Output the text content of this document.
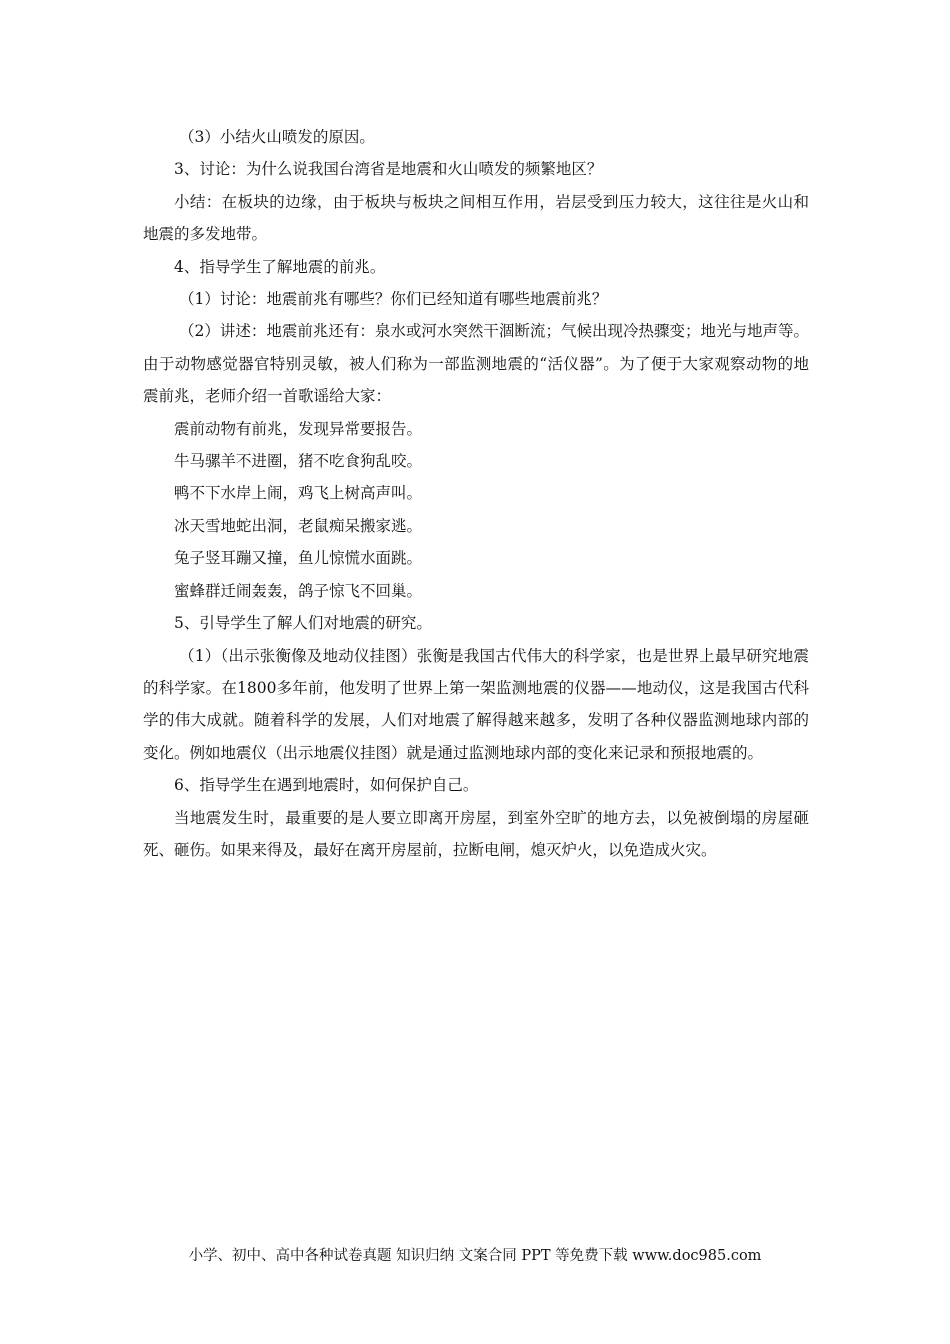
（3）小结火山喷发的原因。

3、讨论：为什么说我国台湾省是地震和火山喷发的频繁地区？

小结：在板块的边缘，由于板块与板块之间相互作用，岩层受到压力较大，这往往是火山和地震的多发地带。

4、指导学生了解地震的前兆。

（1）讨论：地震前兆有哪些？你们已经知道有哪些地震前兆？

（2）讲述：地震前兆还有：泉水或河水突然干涸断流；气候出现冷热骤变；地光与地声等。由于动物感觉器官特别灵敏，被人们称为一部监测地震的“活仪器”。为了便于大家观察动物的地震前兆，老师介绍一首歌谣给大家：

震前动物有前兆，发现异常要报告。

牛马骡羊不进圈，猪不吃食狗乱咬。

鸭不下水岸上闹，鸡飞上树高声叫。

冰天雪地蛇出洞，老鼠痴呆搬家逃。

兔子竖耳蹦又撞，鱼儿惊慌水面跳。

蜜蜂群迁闹轰轰，鸽子惊飞不回巢。

5、引导学生了解人们对地震的研究。

（1）（出示张衡像及地动仪挂图）张衡是我国古代伟大的科学家，也是世界上最早研究地震的科学家。在1800多年前，他发明了世界上第一架监测地震的仪器——地动仪，这是我国古代科学的伟大成就。随着科学的发展，人们对地震了解得越来越多，发明了各种仪器监测地球内部的变化。例如地震仪（出示地震仪挂图）就是通过监测地球内部的变化来记录和预报地震的。

6、指导学生在遇到地震时，如何保护自己。

当地震发生时，最重要的是人要立即离开房屋，到室外空旷的地方去，以免被倒塌的房屋砸死、砸伤。如果来得及，最好在离开房屋前，拉断电闸，熄灭炉火，以免造成火灾。

小学、初中、高中各种试卷真题 知识归纳 文案合同 PPT 等免费下载 www.doc985.com
